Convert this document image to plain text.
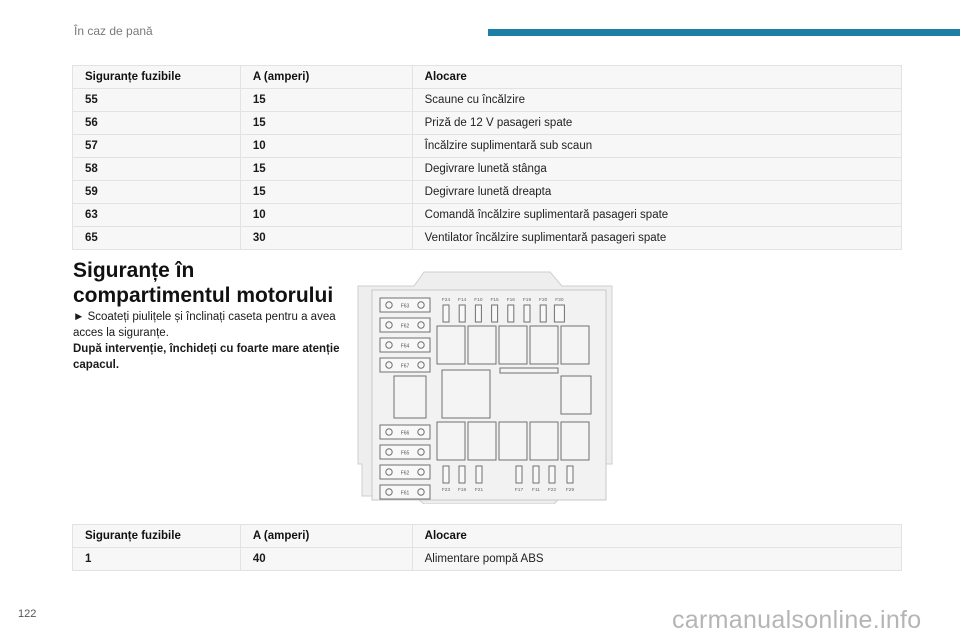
În caz de pană
Siguranțe fuzibile	A (amperi)	Alocare
55	15	Scaune cu încălzire
56	15	Priză de 12 V pasageri spate
57	10	Încălzire suplimentară sub scaun
58	15	Degivrare lunetă stânga
59	15	Degivrare lunetă dreapta
63	10	Comandă încălzire suplimentară pasageri spate
65	30	Ventilator încălzire suplimentară pasageri spate
Siguranțe în compartimentul motorului
► Scoateți piulițele și înclinați caseta pentru a avea acces la siguranțe.
După intervenție, închideți cu foarte mare atenție capacul.
F63
F62
F64
F67
F66
F65
F62
F61
F24 F14 F10 F15 F16 F19 F20 F30
F23 F18 F21	F17 F11 F22 F29
Siguranțe fuzibile	A (amperi)	Alocare
1	40	Alimentare pompă ABS
122	carmanualsonline.info
